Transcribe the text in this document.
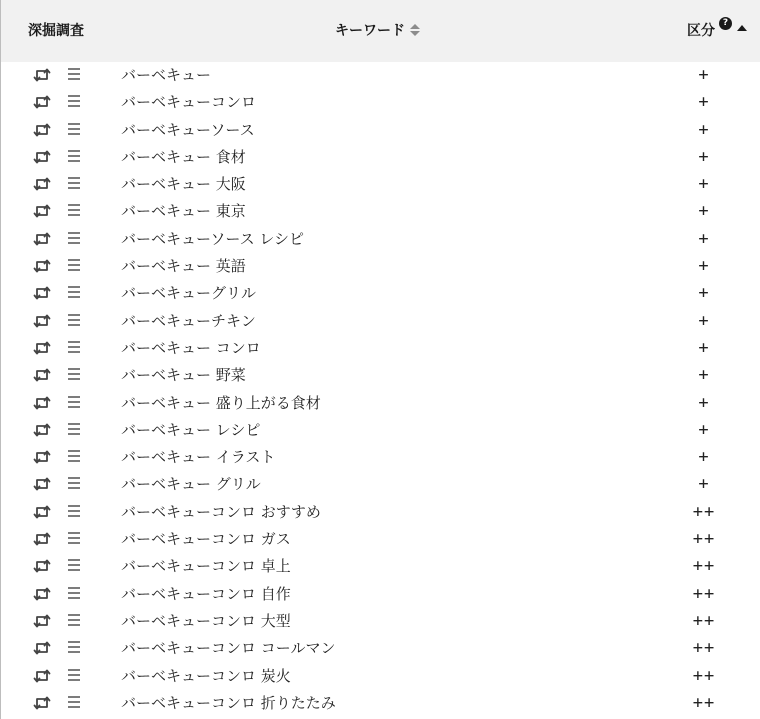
深掘調査	キーワード	区分 ?
バーベキュー	+
バーベキューコンロ	+
バーベキューソース	+
バーベキュー 食材	+
バーベキュー 大阪	+
バーベキュー 東京	+
バーベキューソース レシピ	+
バーベキュー 英語	+
バーベキューグリル	+
バーベキューチキン	+
バーベキュー コンロ	+
バーベキュー 野菜	+
バーベキュー 盛り上がる食材	+
バーベキュー レシピ	+
バーベキュー イラスト	+
バーベキュー グリル	+
バーベキューコンロ おすすめ	++
バーベキューコンロ ガス	++
バーベキューコンロ 卓上	++
バーベキューコンロ 自作	++
バーベキューコンロ 大型	++
バーベキューコンロ コールマン	++
バーベキューコンロ 炭火	++
バーベキューコンロ 折りたたみ	++
